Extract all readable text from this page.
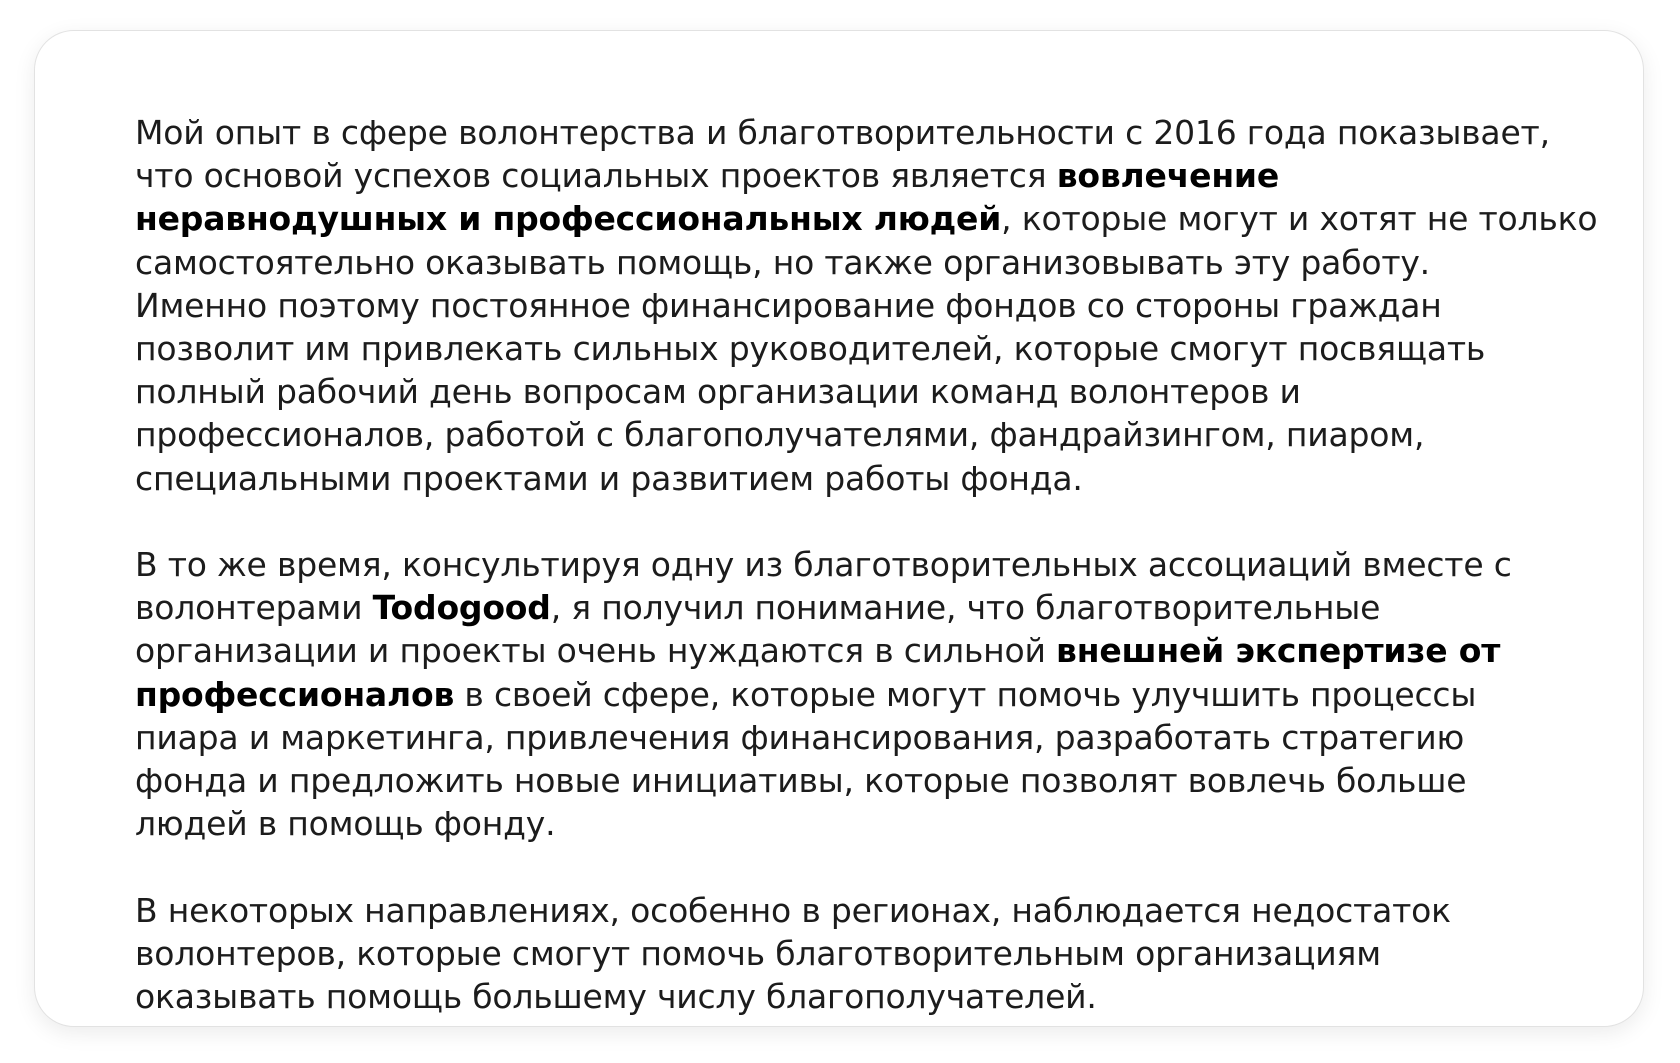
Мой опыт в сфере волонтерства и благотворительности с 2016 года показывает,
что основой успехов социальных проектов является вовлечение
неравнодушных и профессиональных людей, которые могут и хотят не только
самостоятельно оказывать помощь, но также организовывать эту работу.
Именно поэтому постоянное финансирование фондов со стороны граждан
позволит им привлекать сильных руководителей, которые смогут посвящать
полный рабочий день вопросам организации команд волонтеров и
профессионалов, работой с благополучателями, фандрайзингом, пиаром,
специальными проектами и развитием работы фонда.

В то же время, консультируя одну из благотворительных ассоциаций вместе с
волонтерами Todogood, я получил понимание, что благотворительные
организации и проекты очень нуждаются в сильной внешней экспертизе от
профессионалов в своей сфере, которые могут помочь улучшить процессы
пиара и маркетинга, привлечения финансирования, разработать стратегию
фонда и предложить новые инициативы, которые позволят вовлечь больше
людей в помощь фонду.

В некоторых направлениях, особенно в регионах, наблюдается недостаток
волонтеров, которые смогут помочь благотворительным организациям
оказывать помощь большему числу благополучателей.
